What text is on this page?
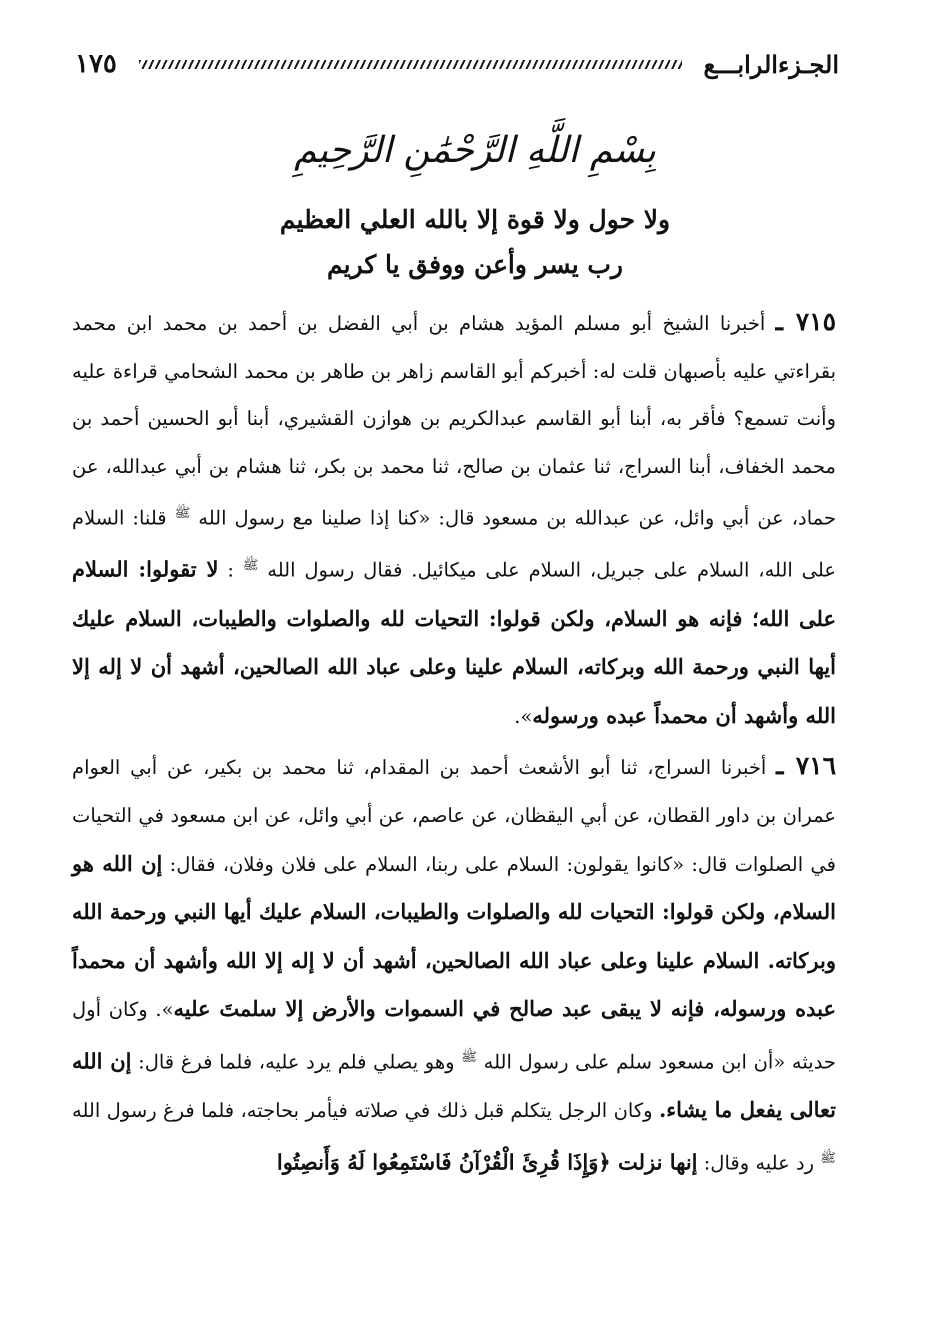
الجـزءالرابـــع
١٧٥
بِسْمِ اللَّهِ الرَّحْمَٰنِ الرَّحِيمِ
ولا حول ولا قوة إلا بالله العلي العظيم
رب يسر وأعن ووفق يا كريم

٧١٥ ـ أخبرنا الشيخ أبو مسلم المؤيد هشام بن أبي الفضل بن أحمد بن محمد ابن محمد بقراءتي عليه بأصبهان قلت له: أخبركم أبو القاسم زاهر بن طاهر بن محمد الشحامي قراءة عليه وأنت تسمع؟ فأقر به، أبنا أبو القاسم عبدالكريم بن هوازن القشيري، أبنا أبو الحسين أحمد بن محمد الخفاف، أبنا السراج، ثنا عثمان بن صالح، ثنا محمد بن بكر، ثنا هشام بن أبي عبدالله، عن حماد، عن أبي وائل، عن عبدالله بن مسعود قال: «كنا إذا صلينا مع رسول الله $^ﷺ$ قلنا: السلام على الله، السلام على جبريل، السلام على ميكائيل. فقال رسول الله $^ﷺ$ : لا تقولوا: السلام على الله؛ فإنه هو السلام، ولكن قولوا: التحيات لله والصلوات والطيبات، السلام عليك أيها النبي ورحمة الله وبركاته، السلام علينا وعلى عباد الله الصالحين، أشهد أن لا إله إلا الله وأشهد أن محمداً عبده ورسوله».

٧١٦ ـ أخبرنا السراج، ثنا أبو الأشعث أحمد بن المقدام، ثنا محمد بن بكير، عن أبي العوام عمران بن داور القطان، عن أبي اليقظان، عن عاصم، عن أبي وائل، عن ابن مسعود في التحيات في الصلوات قال: «كانوا يقولون: السلام على ربنا، السلام على فلان وفلان، فقال: إن الله هو السلام، ولكن قولوا: التحيات لله والصلوات والطيبات، السلام عليك أيها النبي ورحمة الله وبركاته. السلام علينا وعلى عباد الله الصالحين، أشهد أن لا إله إلا الله وأشهد أن محمداً عبده ورسوله، فإنه لا يبقى عبد صالح في السموات والأرض إلا سلمتَ عليه». وكان أول حديثه «أن ابن مسعود سلم على رسول الله $^ﷺ$ وهو يصلي فلم يرد عليه، فلما فرغ قال: إن الله تعالى يفعل ما يشاء. وكان الرجل يتكلم قبل ذلك في صلاته فيأمر بحاجته، فلما فرغ رسول الله $^ﷺ$ رد عليه وقال: إنها نزلت ﴿وَإِذَا قُرِئَ الْقُرْآنُ فَاسْتَمِعُوا لَهُ وَأَنصِتُوا
